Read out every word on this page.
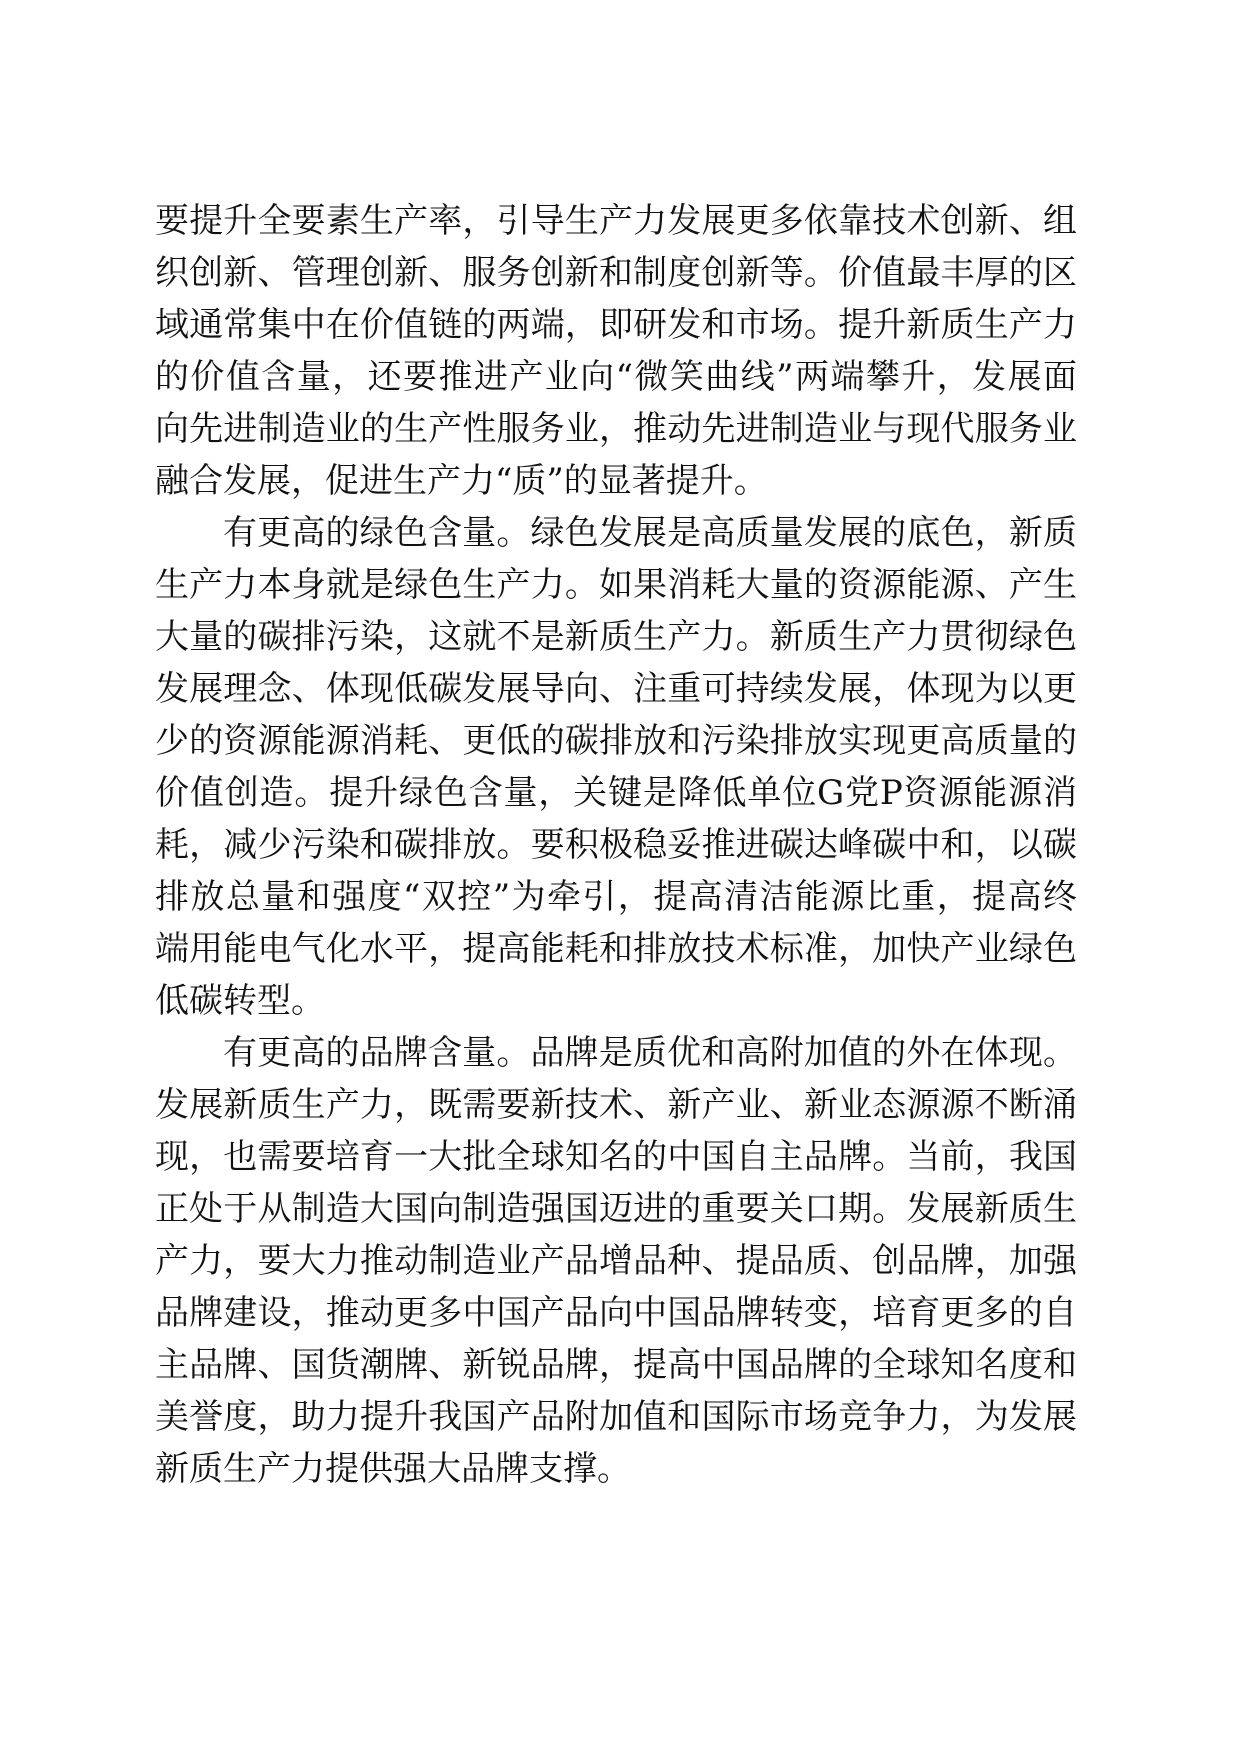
要提升全要素生产率，引导生产力发展更多依靠技术创新、组
织创新、管理创新、服务创新和制度创新等。价值最丰厚的区
域通常集中在价值链的两端，即研发和市场。提升新质生产力
的价值含量，还要推进产业向“微笑曲线”两端攀升，发展面
向先进制造业的生产性服务业，推动先进制造业与现代服务业
融合发展，促进生产力“质”的显著提升。
有更高的绿色含量。绿色发展是高质量发展的底色，新质
生产力本身就是绿色生产力。如果消耗大量的资源能源、产生
大量的碳排污染，这就不是新质生产力。新质生产力贯彻绿色
发展理念、体现低碳发展导向、注重可持续发展，体现为以更
少的资源能源消耗、更低的碳排放和污染排放实现更高质量的
价值创造。提升绿色含量，关键是降低单位G党P资源能源消
耗，减少污染和碳排放。要积极稳妥推进碳达峰碳中和，以碳
排放总量和强度“双控”为牵引，提高清洁能源比重，提高终
端用能电气化水平，提高能耗和排放技术标准，加快产业绿色
低碳转型。
有更高的品牌含量。品牌是质优和高附加值的外在体现。
发展新质生产力，既需要新技术、新产业、新业态源源不断涌
现，也需要培育一大批全球知名的中国自主品牌。当前，我国
正处于从制造大国向制造强国迈进的重要关口期。发展新质生
产力，要大力推动制造业产品增品种、提品质、创品牌，加强
品牌建设，推动更多中国产品向中国品牌转变，培育更多的自
主品牌、国货潮牌、新锐品牌，提高中国品牌的全球知名度和
美誉度，助力提升我国产品附加值和国际市场竞争力，为发展
新质生产力提供强大品牌支撑。
